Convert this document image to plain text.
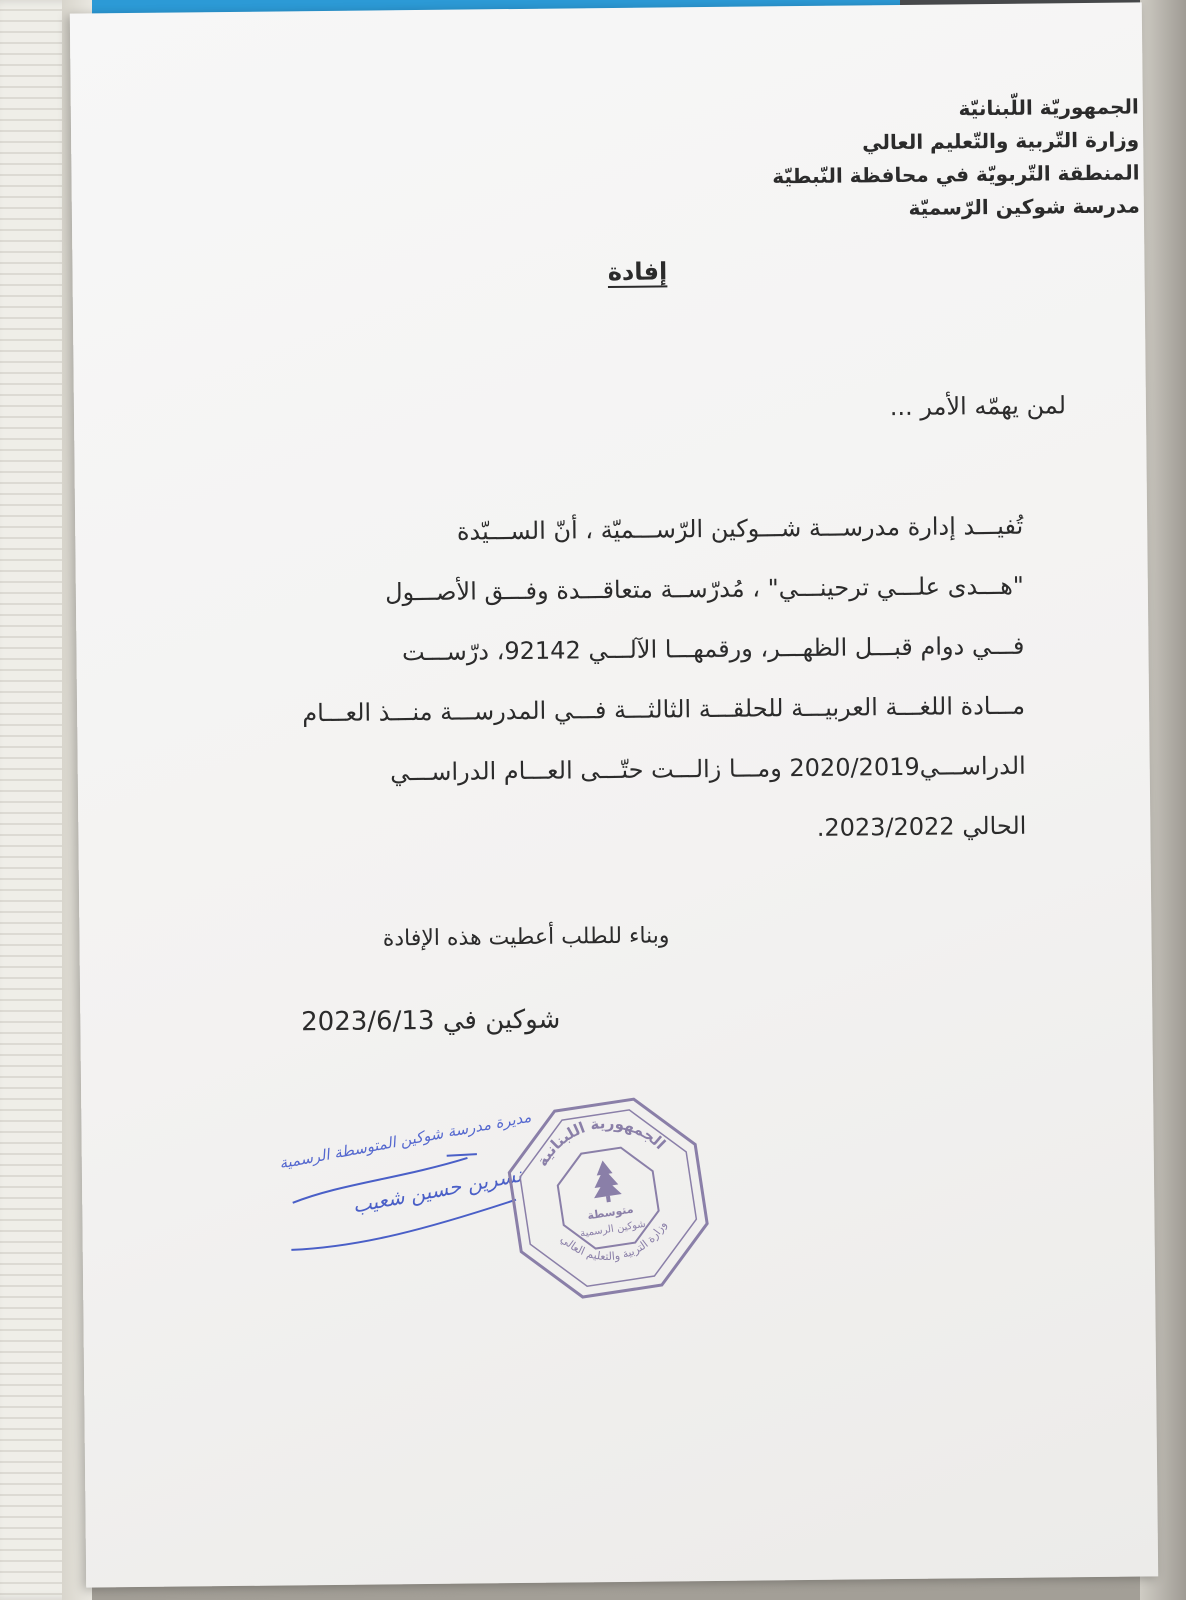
الجمهوريّة اللّبنانيّة
وزارة التّربية والتّعليم العالي
المنطقة التّربويّة في محافظة النّبطيّة
مدرسة شوكين الرّسميّة
إفادة
لمن يهمّه الأمر ...
تُفيـــد إدارة مدرســـة شـــوكين الرّســـميّة ، أنّ الســـيّدة
"هـــدى علـــي ترحينـــي" ، مُدرّســة متعاقـــدة وفـــق الأصـــول
فـــي دوام قبـــل الظهـــر، ورقمهـــا الآلـــي 92142، درّســـت
مـــادة اللغـــة العربيـــة للحلقـــة الثالثـــة فـــي المدرســـة منـــذ العـــام
الدراســـي2020/2019 ومـــا زالـــت حتّـــى العـــام الدراســـي
الحالي 2023/2022.
وبناء للطلب أعطيت هذه الإفادة
شوكين في 2023/6/13
مديرة مدرسة شوكين المتوسطة الرسمية
نسرين حسين شعيب
الجمهورية اللبنانية
وزارة التربية والتعليم العالي
متوسطة
شوكين الرسمية
